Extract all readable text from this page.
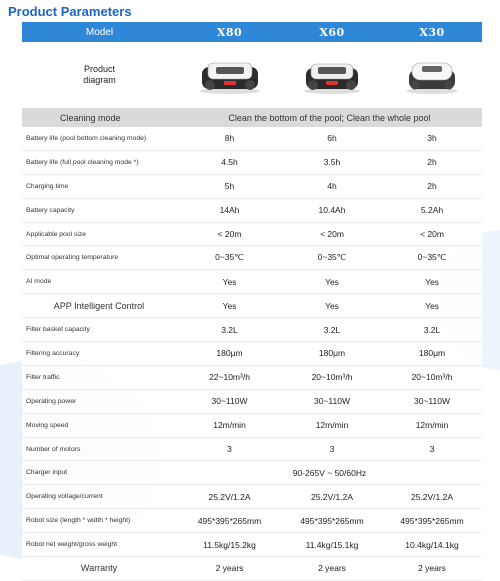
Product Parameters
Model	X80	X60	X30
Product diagram	

Cleaning mode	Clean the bottom of the pool; Clean the whole pool		
Battery life (pool bottom cleaning mode)	8h	6h	3h
Battery life (full pool cleaning mode *)	4.5h	3.5h	2h
Charging time	5h	4h	2h
Battery capacity	14Ah	10.4Ah	5.2Ah
Applicable pool size	< 20m	< 20m	< 20m
Optimal operating temperature	0~35℃	0~35℃	0~35℃
AI mode	Yes	Yes	Yes
APP Intelligent Control	Yes	Yes	Yes
Filter basket capacity	3.2L	3.2L	3.2L
Filtering accuracy	180μm	180μm	180μm
Filter traffic	22~10m³/h	20~10m³/h	20~10m³/h
Operating power	30~110W	30~110W	30~110W
Moving speed	12m/min	12m/min	12m/min
Number of motors	3	3	3
Charger input	90-265V ~ 50/60Hz		
Operating voltage/current	25.2V/1.2A	25.2V/1.2A	25.2V/1.2A
Robot size (length * width * height)	495*395*265mm	495*395*265mm	495*395*265mm
Robot net weight/gross weight	11.5kg/15.2kg	11.4kg/15.1kg	10.4kg/14.1kg
Warranty	2 years	2 years	2 years
